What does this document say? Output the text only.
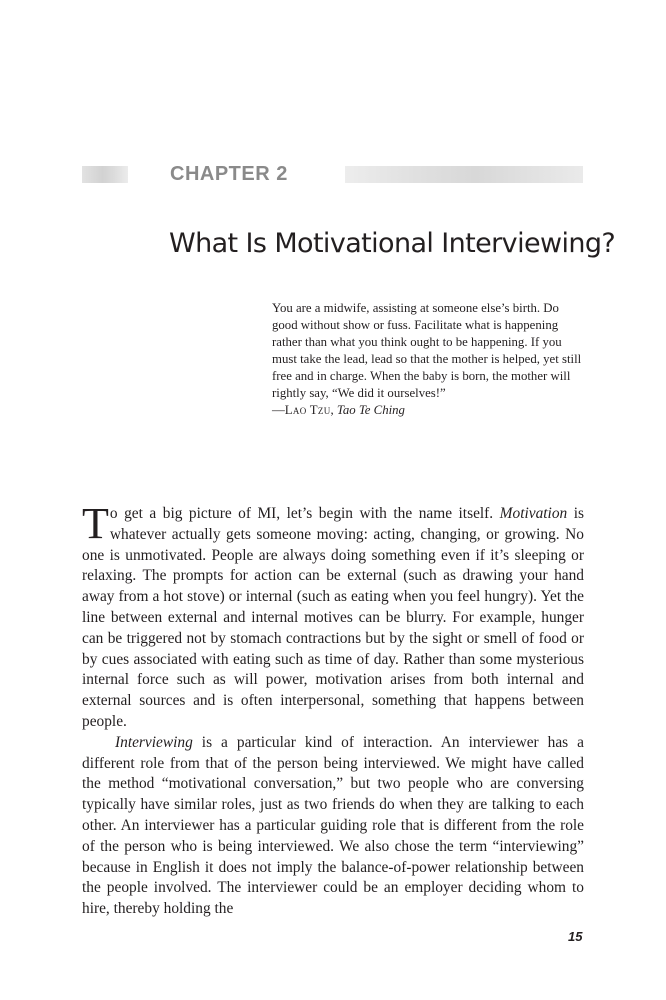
CHAPTER 2
What Is Motivational Interviewing?

You are a midwife, assisting at someone else’s birth. Do good without show or fuss. Facilitate what is happening rather than what you think ought to be happening. If you must take the lead, lead so that the mother is helped, yet still free and in charge. When the baby is born, the mother will rightly say, “We did it ourselves!”

—Lao Tzu, Tao Te Ching

To get a big picture of MI, let’s begin with the name itself. Motivation is whatever actually gets someone moving: acting, changing, or growing. No one is unmotivated. People are always doing something even if it’s sleeping or relaxing. The prompts for action can be external (such as drawing your hand away from a hot stove) or internal (such as eating when you feel hungry). Yet the line between external and internal motives can be blurry. For example, hunger can be triggered not by stomach contractions but by the sight or smell of food or by cues associated with eating such as time of day. Rather than some mysterious internal force such as will power, motivation arises from both internal and external sources and is often interpersonal, something that happens between people.

Interviewing is a particular kind of interaction. An interviewer has a different role from that of the person being interviewed. We might have called the method “motivational conversation,” but two people who are conversing typically have similar roles, just as two friends do when they are talking to each other. An interviewer has a particular guiding role that is different from the role of the person who is being interviewed. We also chose the term “interviewing” because in English it does not imply the balance-of-power relationship between the people involved. The interviewer could be an employer deciding whom to hire, thereby holding the

15
